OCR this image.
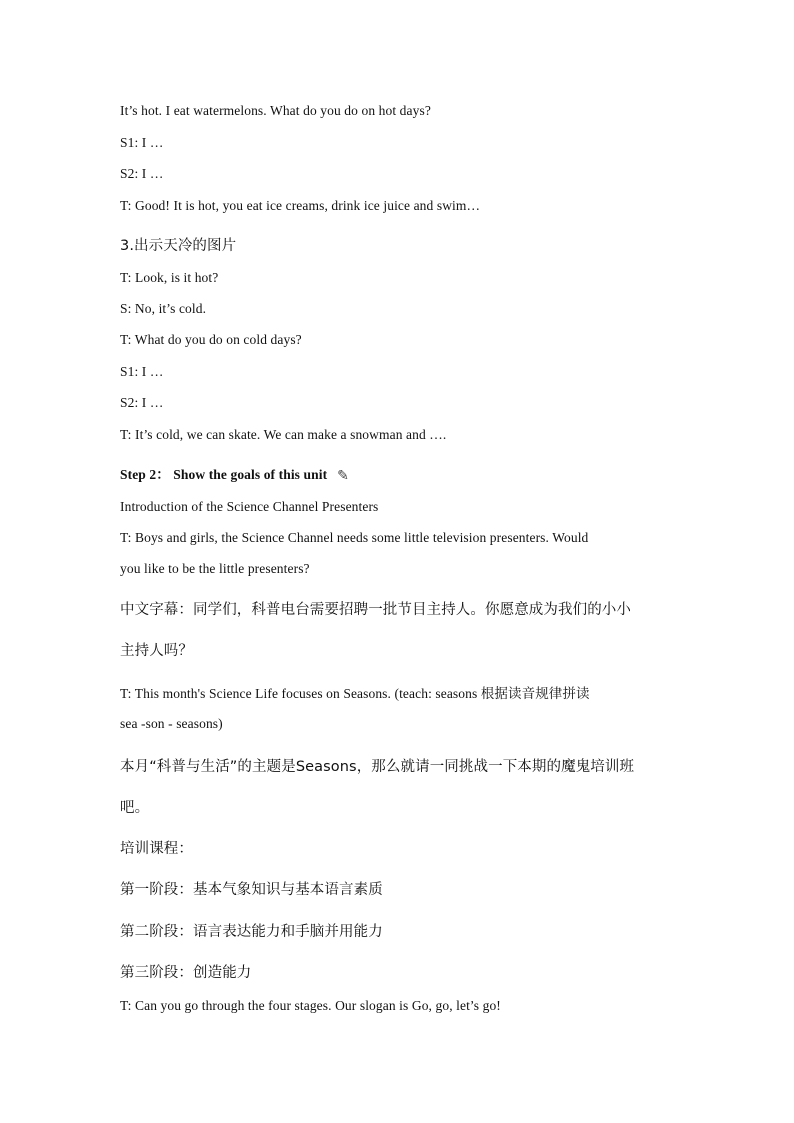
It’s hot. I eat watermelons. What do you do on hot days?
S1: I …
S2: I …
T: Good! It is hot, you eat ice creams, drink ice juice and swim…
3.出示天冷的图片
T: Look, is it hot?
S: No, it’s cold.
T: What do you do on cold days?
S1: I …
S2: I …
T: It’s cold, we can skate. We can make a snowman and ….
Step 2： Show the goals of this unit ✎
Introduction of the Science Channel Presenters
T: Boys and girls, the Science Channel needs some little television presenters. Would
you like to be the little presenters?
中文字幕：同学们，科普电台需要招聘一批节目主持人。你愿意成为我们的小小
主持人吗？
T: This month's Science Life focuses on Seasons. (teach: seasons 根据读音规律拼读
sea -son - seasons)
本月“科普与生活”的主题是Seasons，那么就请一同挑战一下本期的魔鬼培训班
吧。
培训课程：
第一阶段：基本气象知识与基本语言素质
第二阶段：语言表达能力和手脑并用能力
第三阶段：创造能力
T: Can you go through the four stages. Our slogan is Go, go, let’s go!
